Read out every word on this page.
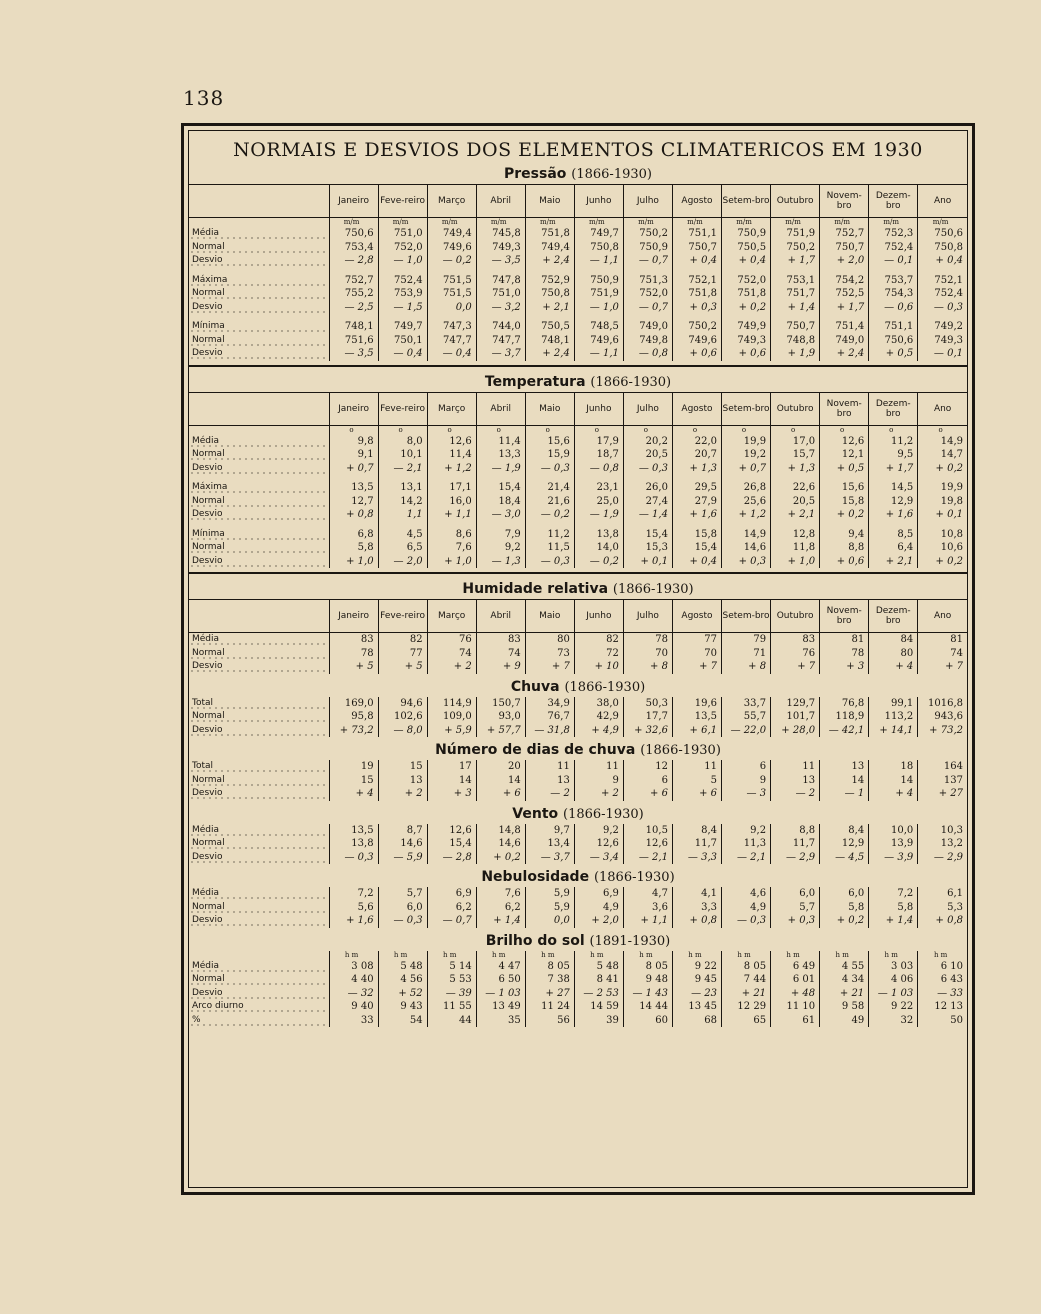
138
NORMAIS E DESVIOS DOS ELEMENTOS CLIMATERICOS EM 1930
Pressão (1866-1930)
	Janeiro	Feve-reiro	Março	Abril	Maio	Junho	Julho	Agosto	Setem-bro	Outubro	Novem-bro	Dezem-bro	Ano
	m/m	m/m	m/m	m/m	m/m	m/m	m/m	m/m	m/m	m/m	m/m	m/m	m/m
Média	750,6	751,0	749,4	745,8	751,8	749,7	750,2	751,1	750,9	751,9	752,7	752,3	750,6
Normal	753,4	752,0	749,6	749,3	749,4	750,8	750,9	750,7	750,5	750,2	750,7	752,4	750,8
Desvio	— 2,8	— 1,0	— 0,2	— 3,5	+ 2,4	— 1,1	— 0,7	+ 0,4	+ 0,4	+ 1,7	+ 2,0	— 0,1	+ 0,4

Máxima	752,7	752,4	751,5	747,8	752,9	750,9	751,3	752,1	752,0	753,1	754,2	753,7	752,1
Normal	755,2	753,9	751,5	751,0	750,8	751,9	752,0	751,8	751,8	751,7	752,5	754,3	752,4
Desvio	— 2,5	— 1,5	0,0	— 3,2	+ 2,1	— 1,0	— 0,7	+ 0,3	+ 0,2	+ 1,4	+ 1,7	— 0,6	— 0,3

Mínima	748,1	749,7	747,3	744,0	750,5	748,5	749,0	750,2	749,9	750,7	751,4	751,1	749,2
Normal	751,6	750,1	747,7	747,7	748,1	749,6	749,8	749,6	749,3	748,8	749,0	750,6	749,3
Desvio	— 3,5	— 0,4	— 0,4	— 3,7	+ 2,4	— 1,1	— 0,8	+ 0,6	+ 0,6	+ 1,9	+ 2,4	+ 0,5	— 0,1
Temperatura (1866-1930)
	Janeiro	Feve-reiro	Março	Abril	Maio	Junho	Julho	Agosto	Setem-bro	Outubro	Novem-bro	Dezem-bro	Ano
	o	o	o	o	o	o	o	o	o	o	o	o	o
Média	9,8	8,0	12,6	11,4	15,6	17,9	20,2	22,0	19,9	17,0	12,6	11,2	14,9
Normal	9,1	10,1	11,4	13,3	15,9	18,7	20,5	20,7	19,2	15,7	12,1	9,5	14,7
Desvio	+ 0,7	— 2,1	+ 1,2	— 1,9	— 0,3	— 0,8	— 0,3	+ 1,3	+ 0,7	+ 1,3	+ 0,5	+ 1,7	+ 0,2

Máxima	13,5	13,1	17,1	15,4	21,4	23,1	26,0	29,5	26,8	22,6	15,6	14,5	19,9
Normal	12,7	14,2	16,0	18,4	21,6	25,0	27,4	27,9	25,6	20,5	15,8	12,9	19,8
Desvio	+ 0,8	1,1	+ 1,1	— 3,0	— 0,2	— 1,9	— 1,4	+ 1,6	+ 1,2	+ 2,1	+ 0,2	+ 1,6	+ 0,1

Mínima	6,8	4,5	8,6	7,9	11,2	13,8	15,4	15,8	14,9	12,8	9,4	8,5	10,8
Normal	5,8	6,5	7,6	9,2	11,5	14,0	15,3	15,4	14,6	11,8	8,8	6,4	10,6
Desvio	+ 1,0	— 2,0	+ 1,0	— 1,3	— 0,3	— 0,2	+ 0,1	+ 0,4	+ 0,3	+ 1,0	+ 0,6	+ 2,1	+ 0,2
Humidade relativa (1866-1930)
	Janeiro	Feve-reiro	Março	Abril	Maio	Junho	Julho	Agosto	Setem-bro	Outubro	Novem-bro	Dezem-bro	Ano
Média	83	82	76	83	80	82	78	77	79	83	81	84	81
Normal	78	77	74	74	73	72	70	70	71	76	78	80	74
Desvio	+ 5	+ 5	+ 2	+ 9	+ 7	+ 10	+ 8	+ 7	+ 8	+ 7	+ 3	+ 4	+ 7
Chuva (1866-1930)
Total	169,0	94,6	114,9	150,7	34,9	38,0	50,3	19,6	33,7	129,7	76,8	99,1	1016,8
Normal	95,8	102,6	109,0	93,0	76,7	42,9	17,7	13,5	55,7	101,7	118,9	113,2	943,6
Desvio	+ 73,2	— 8,0	+ 5,9	+ 57,7	— 31,8	+ 4,9	+ 32,6	+ 6,1	— 22,0	+ 28,0	— 42,1	+ 14,1	+ 73,2
Número de dias de chuva (1866-1930)
Total	19	15	17	20	11	11	12	11	6	11	13	18	164
Normal	15	13	14	14	13	9	6	5	9	13	14	14	137
Desvio	+ 4	+ 2	+ 3	+ 6	— 2	+ 2	+ 6	+ 6	— 3	— 2	— 1	+ 4	+ 27
Vento (1866-1930)
Média	13,5	8,7	12,6	14,8	9,7	9,2	10,5	8,4	9,2	8,8	8,4	10,0	10,3
Normal	13,8	14,6	15,4	14,6	13,4	12,6	12,6	11,7	11,3	11,7	12,9	13,9	13,2
Desvio	— 0,3	— 5,9	— 2,8	+ 0,2	— 3,7	— 3,4	— 2,1	— 3,3	— 2,1	— 2,9	— 4,5	— 3,9	— 2,9
Nebulosidade (1866-1930)
Média	7,2	5,7	6,9	7,6	5,9	6,9	4,7	4,1	4,6	6,0	6,0	7,2	6,1
Normal	5,6	6,0	6,2	6,2	5,9	4,9	3,6	3,3	4,9	5,7	5,8	5,8	5,3
Desvio	+ 1,6	— 0,3	— 0,7	+ 1,4	0,0	+ 2,0	+ 1,1	+ 0,8	— 0,3	+ 0,3	+ 0,2	+ 1,4	+ 0,8
Brilho do sol (1891-1930)
	h m	h m	h m	h m	h m	h m	h m	h m	h m	h m	h m	h m	h m
Média	3 08	5 48	5 14	4 47	8 05	5 48	8 05	9 22	8 05	6 49	4 55	3 03	6 10
Normal	4 40	4 56	5 53	6 50	7 38	8 41	9 48	9 45	7 44	6 01	4 34	4 06	6 43
Desvio	— 32	+ 52	— 39	— 1 03	+ 27	— 2 53	— 1 43	— 23	+ 21	+ 48	+ 21	— 1 03	— 33
Arco diurno	9 40	9 43	11 55	13 49	11 24	14 59	14 44	13 45	12 29	11 10	9 58	9 22	12 13
%	33	54	44	35	56	39	60	68	65	61	49	32	50
